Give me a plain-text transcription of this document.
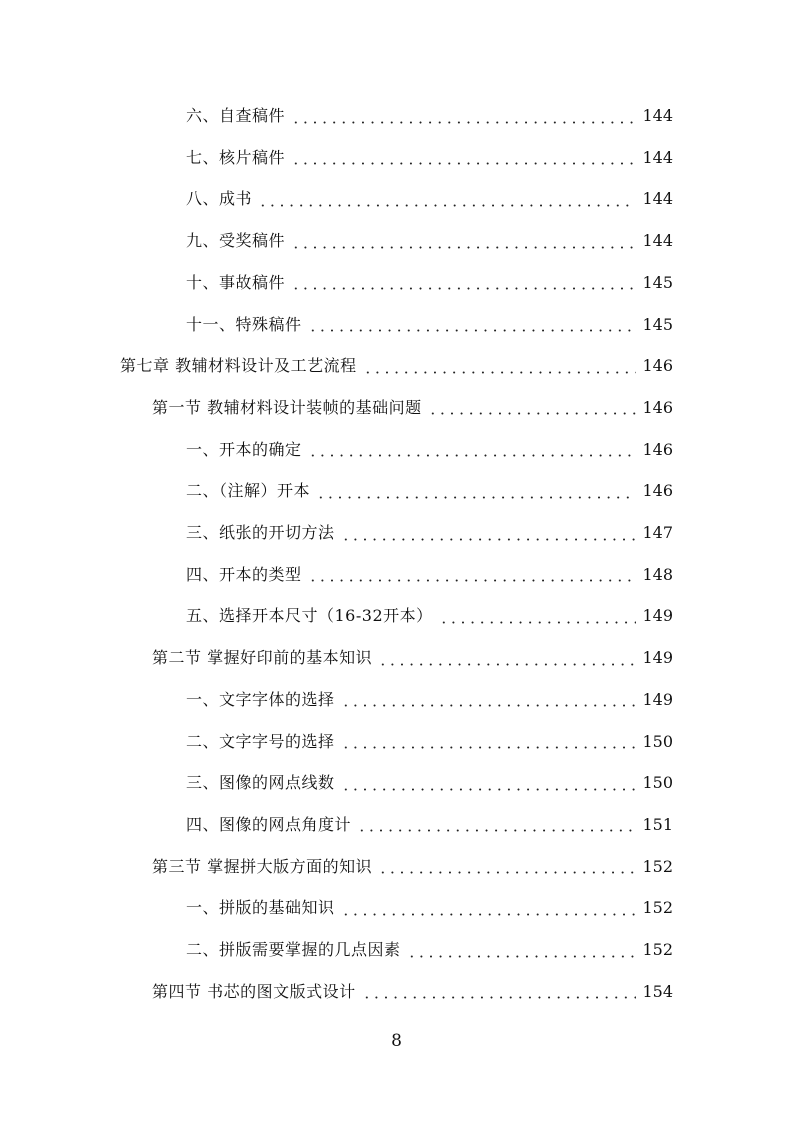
六、自查稿件	144
七、核片稿件	144
八、成书	144
九、受奖稿件	144
十、事故稿件	145
十一、特殊稿件	145
第七章 教辅材料设计及工艺流程	146
第一节 教辅材料设计装帧的基础问题	146
一、开本的确定	146
二、（注解）开本	146
三、纸张的开切方法	147
四、开本的类型	148
五、选择开本尺寸（16-32开本）	149
第二节 掌握好印前的基本知识	149
一、文字字体的选择	149
二、文字字号的选择	150
三、图像的网点线数	150
四、图像的网点角度计	151
第三节 掌握拼大版方面的知识	152
一、拼版的基础知识	152
二、拼版需要掌握的几点因素	152
第四节 书芯的图文版式设计	154
8
